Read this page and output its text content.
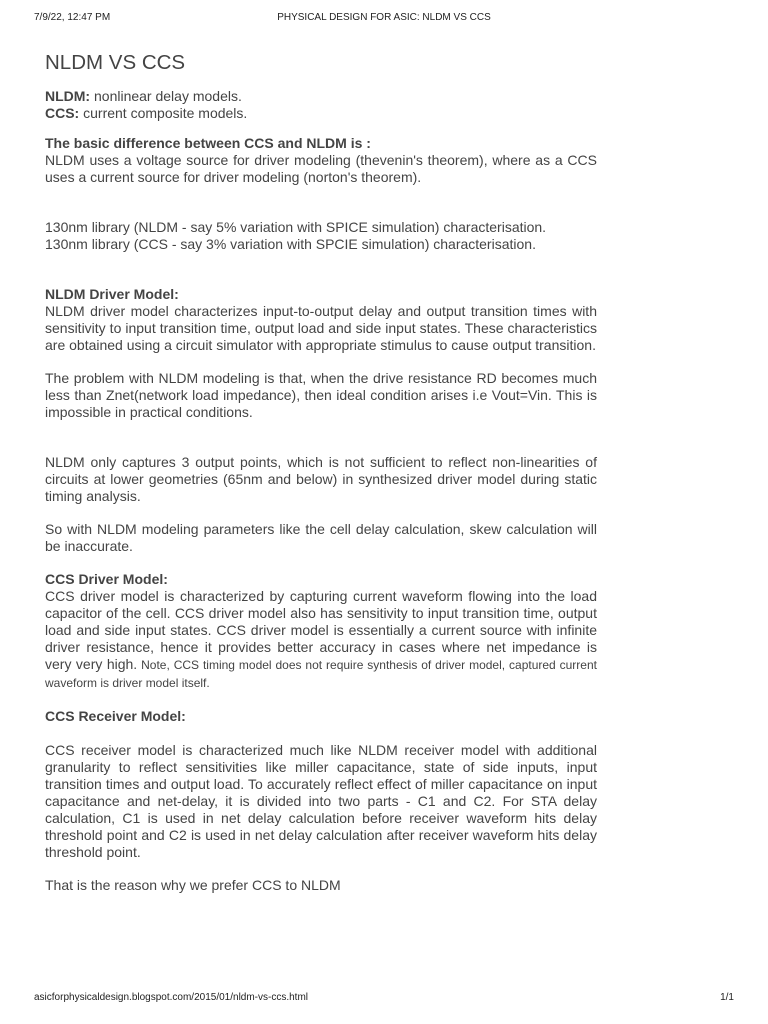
7/9/22, 12:47 PM	PHYSICAL DESIGN FOR ASIC: NLDM VS CCS
NLDM VS CCS

NLDM: nonlinear delay models.

CCS: current composite models.

The basic difference between CCS and NLDM is :

NLDM uses a voltage source for driver modeling (thevenin's theorem), where as a CCS uses a current source for driver modeling (norton's theorem).

130nm library (NLDM - say 5% variation with SPICE simulation) characterisation.

130nm library (CCS - say 3% variation with SPCIE simulation) characterisation.

NLDM Driver Model:

NLDM driver model characterizes input-to-output delay and output transition times with sensitivity to input transition time, output load and side input states. These characteristics are obtained using a circuit simulator with appropriate stimulus to cause output transition.

The problem with NLDM modeling is that, when the drive resistance RD becomes much less than Znet(network load impedance), then ideal condition arises i.e Vout=Vin. This is impossible in practical conditions.

NLDM only captures 3 output points, which is not sufficient to reflect non-linearities of circuits at lower geometries (65nm and below) in synthesized driver model during static timing analysis.

So with NLDM modeling parameters like the cell delay calculation, skew calculation will be inaccurate.

CCS Driver Model:

CCS driver model is characterized by capturing current waveform flowing into the load capacitor of the cell. CCS driver model also has sensitivity to input transition time, output load and side input states. CCS driver model is essentially a current source with infinite driver resistance, hence it provides better accuracy in cases where net impedance is very very high. Note, CCS timing model does not require synthesis of driver model, captured current waveform is driver model itself.

CCS Receiver Model:

CCS receiver model is characterized much like NLDM receiver model with additional granularity to reflect sensitivities like miller capacitance, state of side inputs, input transition times and output load. To accurately reflect effect of miller capacitance on input capacitance and net-delay, it is divided into two parts - C1 and C2. For STA delay calculation, C1 is used in net delay calculation before receiver waveform hits delay threshold point and C2 is used in net delay calculation after receiver waveform hits delay threshold point.

That is the reason why we prefer CCS to NLDM

asicforphysicaldesign.blogspot.com/2015/01/nldm-vs-ccs.html	1/1
